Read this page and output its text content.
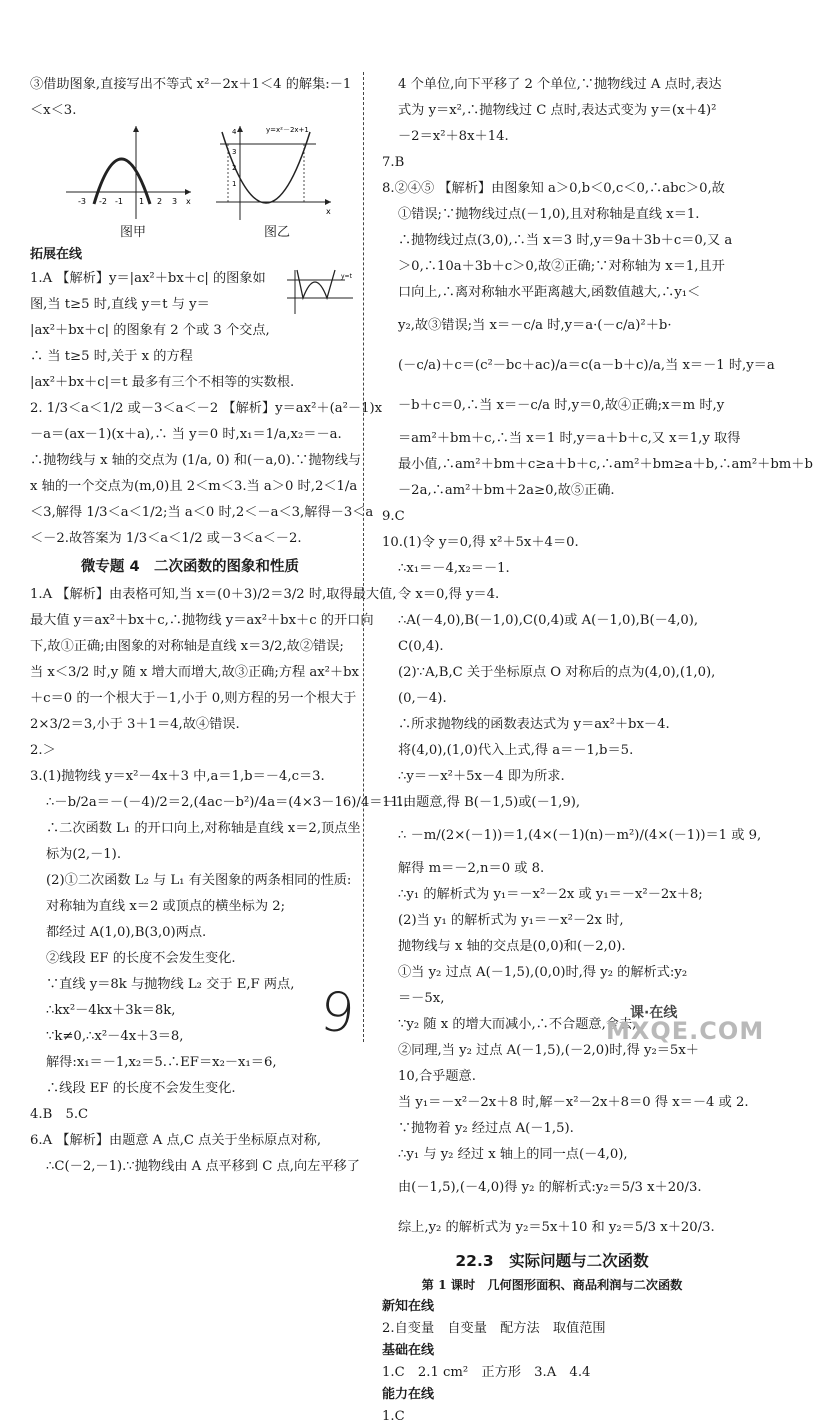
③借助图象,直接写出不等式 x²－2x＋1＜4 的解集:－1
＜x＜3.
-3 -2 -1 1 2 3 x
图甲
4
3
2
1
x
y=x²－2x+1
图乙
拓展在线
1.A 【解析】y＝|ax²＋bx＋c| 的图象如
图,当 t≥5 时,直线 y＝t 与 y＝
|ax²＋bx＋c| 的图象有 2 个或 3 个交点,
∴ 当 t≥5 时,关于 x 的方程
|ax²＋bx＋c|＝t 最多有三个不相等的实数根.
y=t
2. 1/3＜a＜1/2 或－3＜a＜－2 【解析】y＝ax²＋(a²－1)x
－a＝(ax－1)(x＋a),∴ 当 y＝0 时,x₁＝1/a,x₂＝－a.
∴抛物线与 x 轴的交点为 (1/a, 0) 和(－a,0).∵抛物线与
x 轴的一个交点为(m,0)且 2＜m＜3.当 a＞0 时,2＜1/a
＜3,解得 1/3＜a＜1/2;当 a＜0 时,2＜－a＜3,解得－3＜a
＜－2.故答案为 1/3＜a＜1/2 或－3＜a＜－2.
微专题 4　二次函数的图象和性质
1.A 【解析】由表格可知,当 x＝(0＋3)/2＝3/2 时,取得最大值,
最大值 y＝ax²＋bx＋c,∴抛物线 y＝ax²＋bx＋c 的开口向
下,故①正确;由图象的对称轴是直线 x＝3/2,故②错误;
当 x＜3/2 时,y 随 x 增大而增大,故③正确;方程 ax²＋bx
＋c＝0 的一个根大于－1,小于 0,则方程的另一个根大于
2×3/2＝3,小于 3＋1＝4,故④错误.
2.＞
3.(1)抛物线 y＝x²－4x＋3 中,a＝1,b＝－4,c＝3.
∴－b/2a＝－(－4)/2＝2,(4ac－b²)/4a＝(4×3－16)/4＝－1.
∴二次函数 L₁ 的开口向上,对称轴是直线 x＝2,顶点坐
标为(2,－1).
(2)①二次函数 L₂ 与 L₁ 有关图象的两条相同的性质:
对称轴为直线 x＝2 或顶点的横坐标为 2;
都经过 A(1,0),B(3,0)两点.
②线段 EF 的长度不会发生变化.
∵直线 y＝8k 与抛物线 L₂ 交于 E,F 两点,
∴kx²－4kx＋3k＝8k,
∵k≠0,∴x²－4x＋3＝8,
解得:x₁＝－1,x₂＝5.∴EF＝x₂－x₁＝6,
∴线段 EF 的长度不会发生变化.
4.B　5.C
6.A 【解析】由题意 A 点,C 点关于坐标原点对称,
∴C(－2,－1).∵抛物线由 A 点平移到 C 点,向左平移了
4 个单位,向下平移了 2 个单位,∵抛物线过 A 点时,表达
式为 y＝x²,∴抛物线过 C 点时,表达式变为 y＝(x＋4)²
－2＝x²＋8x＋14.
7.B
8.②④⑤ 【解析】由图象知 a＞0,b＜0,c＜0,∴abc＞0,故
①错误;∵抛物线过点(－1,0),且对称轴是直线 x＝1.
∴抛物线过点(3,0),∴当 x＝3 时,y＝9a＋3b＋c＝0,又 a
＞0,∴10a＋3b＋c＞0,故②正确;∵对称轴为 x＝1,且开
口向上,∴离对称轴水平距离越大,函数值越大,∴y₁＜
y₂,故③错误;当 x＝－c/a 时,y＝a·(－c/a)²＋b·
(－c/a)＋c＝(c²－bc＋ac)/a＝c(a－b＋c)/a,当 x＝－1 时,y＝a
－b＋c＝0,∴当 x＝－c/a 时,y＝0,故④正确;x＝m 时,y
＝am²＋bm＋c,∴当 x＝1 时,y＝a＋b＋c,又 x＝1,y 取得
最小值,∴am²＋bm＋c≥a＋b＋c,∴am²＋bm≥a＋b,∴am²＋bm＋b
－2a,∴am²＋bm＋2a≥0,故⑤正确.
9.C
10.(1)令 y＝0,得 x²＋5x＋4＝0.
∴x₁＝－4,x₂＝－1.
令 x＝0,得 y＝4.
∴A(－4,0),B(－1,0),C(0,4)或 A(－1,0),B(－4,0),
C(0,4).
(2)∵A,B,C 关于坐标原点 O 对称后的点为(4,0),(1,0),
(0,－4).
∴所求抛物线的函数表达式为 y＝ax²＋bx－4.
将(4,0),(1,0)代入上式,得 a＝－1,b＝5.
∴y＝－x²＋5x－4 即为所求.
11.由题意,得 B(－1,5)或(－1,9),
∴ －m/(2×(－1))＝1,(4×(－1)(n)－m²)/(4×(－1))＝1 或 9,
解得 m＝－2,n＝0 或 8.
∴y₁ 的解析式为 y₁＝－x²－2x 或 y₁＝－x²－2x＋8;
(2)当 y₁ 的解析式为 y₁＝－x²－2x 时,
抛物线与 x 轴的交点是(0,0)和(－2,0).
①当 y₂ 过点 A(－1,5),(0,0)时,得 y₂ 的解析式:y₂
＝－5x,
∵y₂ 随 x 的增大而减小,∴不合题意,舍去;
②同理,当 y₂ 过点 A(－1,5),(－2,0)时,得 y₂＝5x＋
10,合乎题意.
当 y₁＝－x²－2x＋8 时,解－x²－2x＋8＝0 得 x＝－4 或 2.
∵抛物着 y₂ 经过点 A(－1,5).
∴y₁ 与 y₂ 经过 x 轴上的同一点(－4,0),
由(－1,5),(－4,0)得 y₂ 的解析式:y₂＝5/3 x＋20/3.
综上,y₂ 的解析式为 y₂＝5x＋10 和 y₂＝5/3 x＋20/3.
22.3　实际问题与二次函数
第 1 课时　几何图形面积、商品利润与二次函数
新知在线
2.自变量　自变量　配方法　取值范围
基础在线
1.C　2.1 cm²　正方形　3.A　4.4
能力在线
1.C
9	课·在线
MXQE.COM
